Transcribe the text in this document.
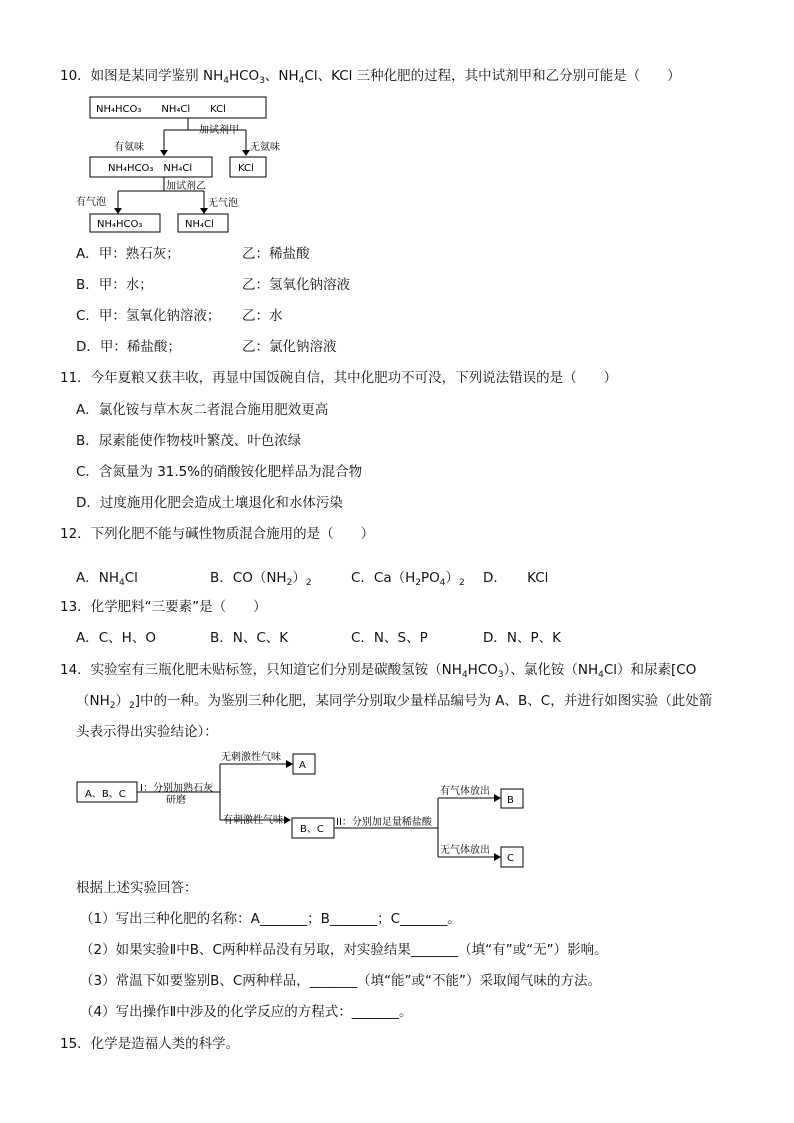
10．如图是某同学鉴别 $NH_4HCO_3$、$NH_4Cl$、KCl 三种化肥的过程，其中试剂甲和乙分别可能是（　　）
NH₄HCO₃　　NH₄Cl　　KCl
加试剂甲
有氨味	无氨味
NH₄HCO₃　NH₄Cl	KCl
加试剂乙
有气泡	无气泡
NH₄HCO₃	NH₄Cl
A．甲：熟石灰；	乙：稀盐酸
B．甲：水；	乙：氢氧化钠溶液
C．甲：氢氧化钠溶液； 乙：水
D．甲：稀盐酸；	乙：氯化钠溶液
11．今年夏粮又获丰收，再显中国饭碗自信，其中化肥功不可没，下列说法错误的是（　　）
A．氯化铵与草木灰二者混合施用肥效更高
B．尿素能使作物枝叶繁茂、叶色浓绿
C．含氮量为 31.5%的硝酸铵化肥样品为混合物
D．过度施用化肥会造成土壤退化和水体污染
12．下列化肥不能与碱性物质混合施用的是（　　）
A．$NH_4Cl$	B．$CO(NH_2)_2$	C．$Ca(H_2PO_4)_2$ D．　　KCl
13．化学肥料“三要素”是（　　）
A．C、H、O	B．N、C、K	C．N、S、P	D．N、P、K
14．实验室有三瓶化肥未贴标签，只知道它们分别是碳酸氢铵$(NH_4HCO_3)$、氯化铵$(NH_4Cl)$和尿素[CO
$(NH_2)_2$]中的一种。为鉴别三种化肥，某同学分别取少量样品编号为 A、B、C，并进行如图实验（此处箭
头表示得出实验结论）：
A、B、C
I：分别加熟石灰
研磨
无刺激性气味
A
有刺激性气味
B、C
II：分别加足量稀盐酸
有气体放出
B
无气体放出
C
根据上述实验回答：
（1）写出三种化肥的名称：A_______；B_______；C_______。
（2）如果实验Ⅱ中B、C两种样品没有另取，对实验结果_______（填“有”或“无”）影响。
（3）常温下如要鉴别B、C两种样品，_______（填“能”或“不能”）采取闻气味的方法。
（4）写出操作Ⅱ中涉及的化学反应的方程式：_______。
15．化学是造福人类的科学。
